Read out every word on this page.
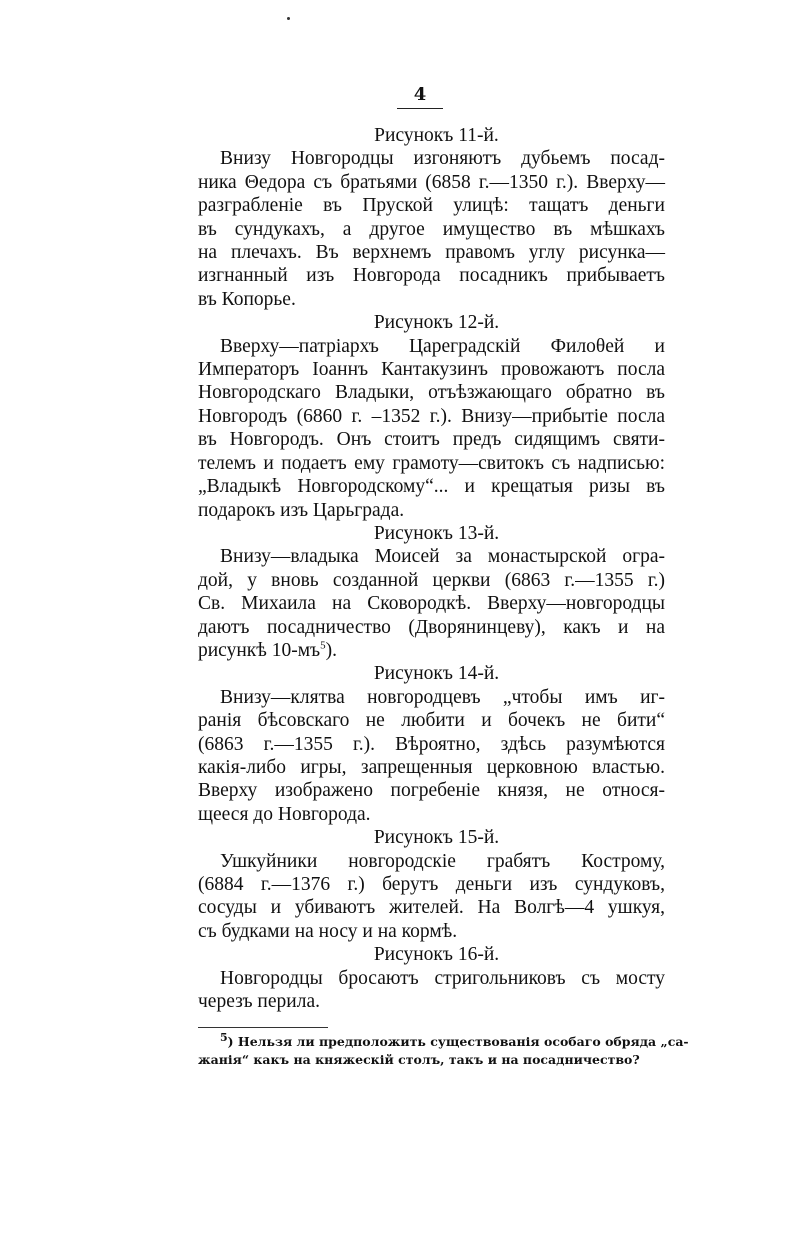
4
Рисунокъ 11-й.
Внизу Новгородцы изгоняютъ дубьемъ посад-
ника Θедора съ братьями (6858 г.—1350 г.). Вверху—
разграбленіе въ Пруской улицѣ: тащатъ деньги
въ сундукахъ, а другое имущество въ мѣшкахъ
на плечахъ. Въ верхнемъ правомъ углу рисунка—
изгнанный изъ Новгорода посадникъ прибываетъ
въ Копорье.
Рисунокъ 12-й.
Вверху—патріархъ Цареградскій Филоθей и
Императоръ Іоаннъ Кантакузинъ провожаютъ посла
Новгородскаго Владыки, отъѣзжающаго обратно въ
Новгородъ (6860 г. –1352 г.). Внизу—прибытіе посла
въ Новгородъ. Онъ стоитъ предъ сидящимъ святи-
телемъ и подаетъ ему грамоту—свитокъ съ надписью:
„Владыкѣ Новгородскому“... и крещатыя ризы въ
подарокъ изъ Царьграда.
Рисунокъ 13-й.
Внизу—владыка Моисей за монастырской огра-
дой, у вновь созданной церкви (6863 г.—1355 г.)
Св. Михаила на Сковородкѣ. Вверху—новгородцы
даютъ посадничество (Дворянинцеву), какъ и на
рисункѣ $10-мъ^5$).
Рисунокъ 14-й.
Внизу—клятва новгородцевъ „чтобы имъ иг-
ранія бѣсовскаго не любити и бочекъ не бити“
(6863 г.—1355 г.). Вѣроятно, здѣсь разумѣются
какія-либо игры, запрещенныя церковною властью.
Вверху изображено погребеніе князя, не относя-
щееся до Новгорода.
Рисунокъ 15-й.
Ушкуйники новгородскіе грабятъ Кострому,
(6884 г.—1376 г.) берутъ деньги изъ сундуковъ,
сосуды и убиваютъ жителей. На Волгѣ—4 ушкуя,
съ будками на носу и на кормѣ.
Рисунокъ 16-й.
Новгородцы бросаютъ стригольниковъ съ мосту
черезъ перила.
$^5$) Нельзя ли предположить существованія особаго обряда „са-
жанія“ какъ на княжескій столъ, такъ и на посадничество?
